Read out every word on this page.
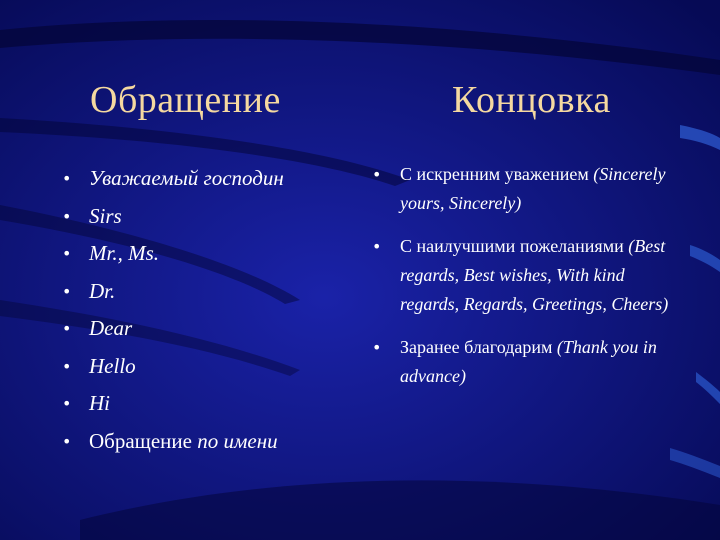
Обращение	Концовка
• Уважаемый господин
• Sirs
• Mr., Ms.
• Dr.
• Dear
• Hello
• Hi
• Обращение по имени
• С искренним уважением (Sincerely yours, Sincerely)
• С наилучшими пожеланиями (Best regards, Best wishes, With kind regards, Regards, Greetings, Cheers)
• Заранее благодарим (Thank you in advance)
